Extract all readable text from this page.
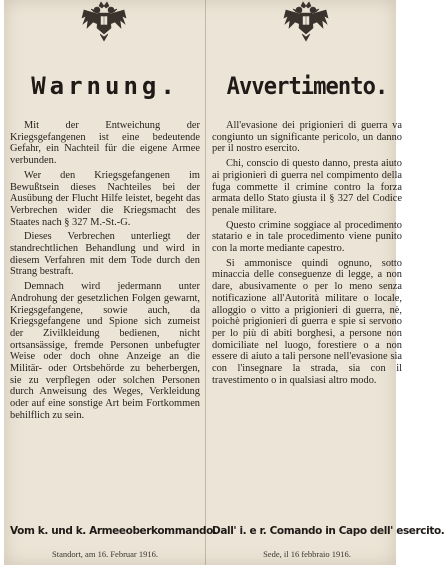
Warnung.

Mit der Entweichung der Kriegsgefangenen ist eine bedeutende Gefahr, ein Nachteil für die eigene Armee verbunden.

Wer den Kriegsgefangenen im Bewußtsein dieses Nachteiles bei der Ausübung der Flucht Hilfe leistet, begeht das Verbrechen wider die Kriegsmacht des Staates nach § 327 M.-St.-G.

Dieses Verbrechen unterliegt der standrechtlichen Behandlung und wird in diesem Verfahren mit dem Tode durch den Strang bestraft.

Demnach wird jedermann unter Androhung der gesetzlichen Folgen gewarnt, Kriegsgefangene, sowie auch, da Kriegsgefangene und Spione sich zumeist der Zivilkleidung bedienen, nicht ortsansässige, fremde Personen unbefugter Weise oder doch ohne Anzeige an die Militär- oder Ortsbehörde zu beherbergen, sie zu verpflegen oder solchen Personen durch Anweisung des Weges, Verkleidung oder auf eine sonstige Art beim Fortkommen behilflich zu sein.

Vom k. und k. Armeeoberkommando.
Standort, am 16. Februar 1916.
Avvertimento.

All'evasione dei prigionieri di guerra va congiunto un significante pericolo, un danno per il nostro esercito.

Chi, conscio di questo danno, presta aiuto ai prigionieri di guerra nel compimento della fuga commette il crimine contro la forza armata dello Stato giusta il § 327 del Codice penale militare.

Questo crimine soggiace al procedimento statario e in tale procedimento viene punito con la morte mediante capestro.

Si ammonisce quindi ognuno, sotto minaccia delle conseguenze di legge, a non dare, abusivamente o per lo meno senza notificazione all'Autorità militare o locale, alloggio o vitto a prigionieri di guerra, nè, poichè prigionieri di guerra e spie si servono per lo più di abiti borghesi, a persone non domiciliate nel luogo, forestiere o a non essere di aiuto a tali persone nell'evasione sia con l'insegnare la strada, sia con il travestimento o in qualsiasi altro modo.

Dall' i. e r. Comando in Capo dell' esercito.
Sede, il 16 febbraio 1916.
